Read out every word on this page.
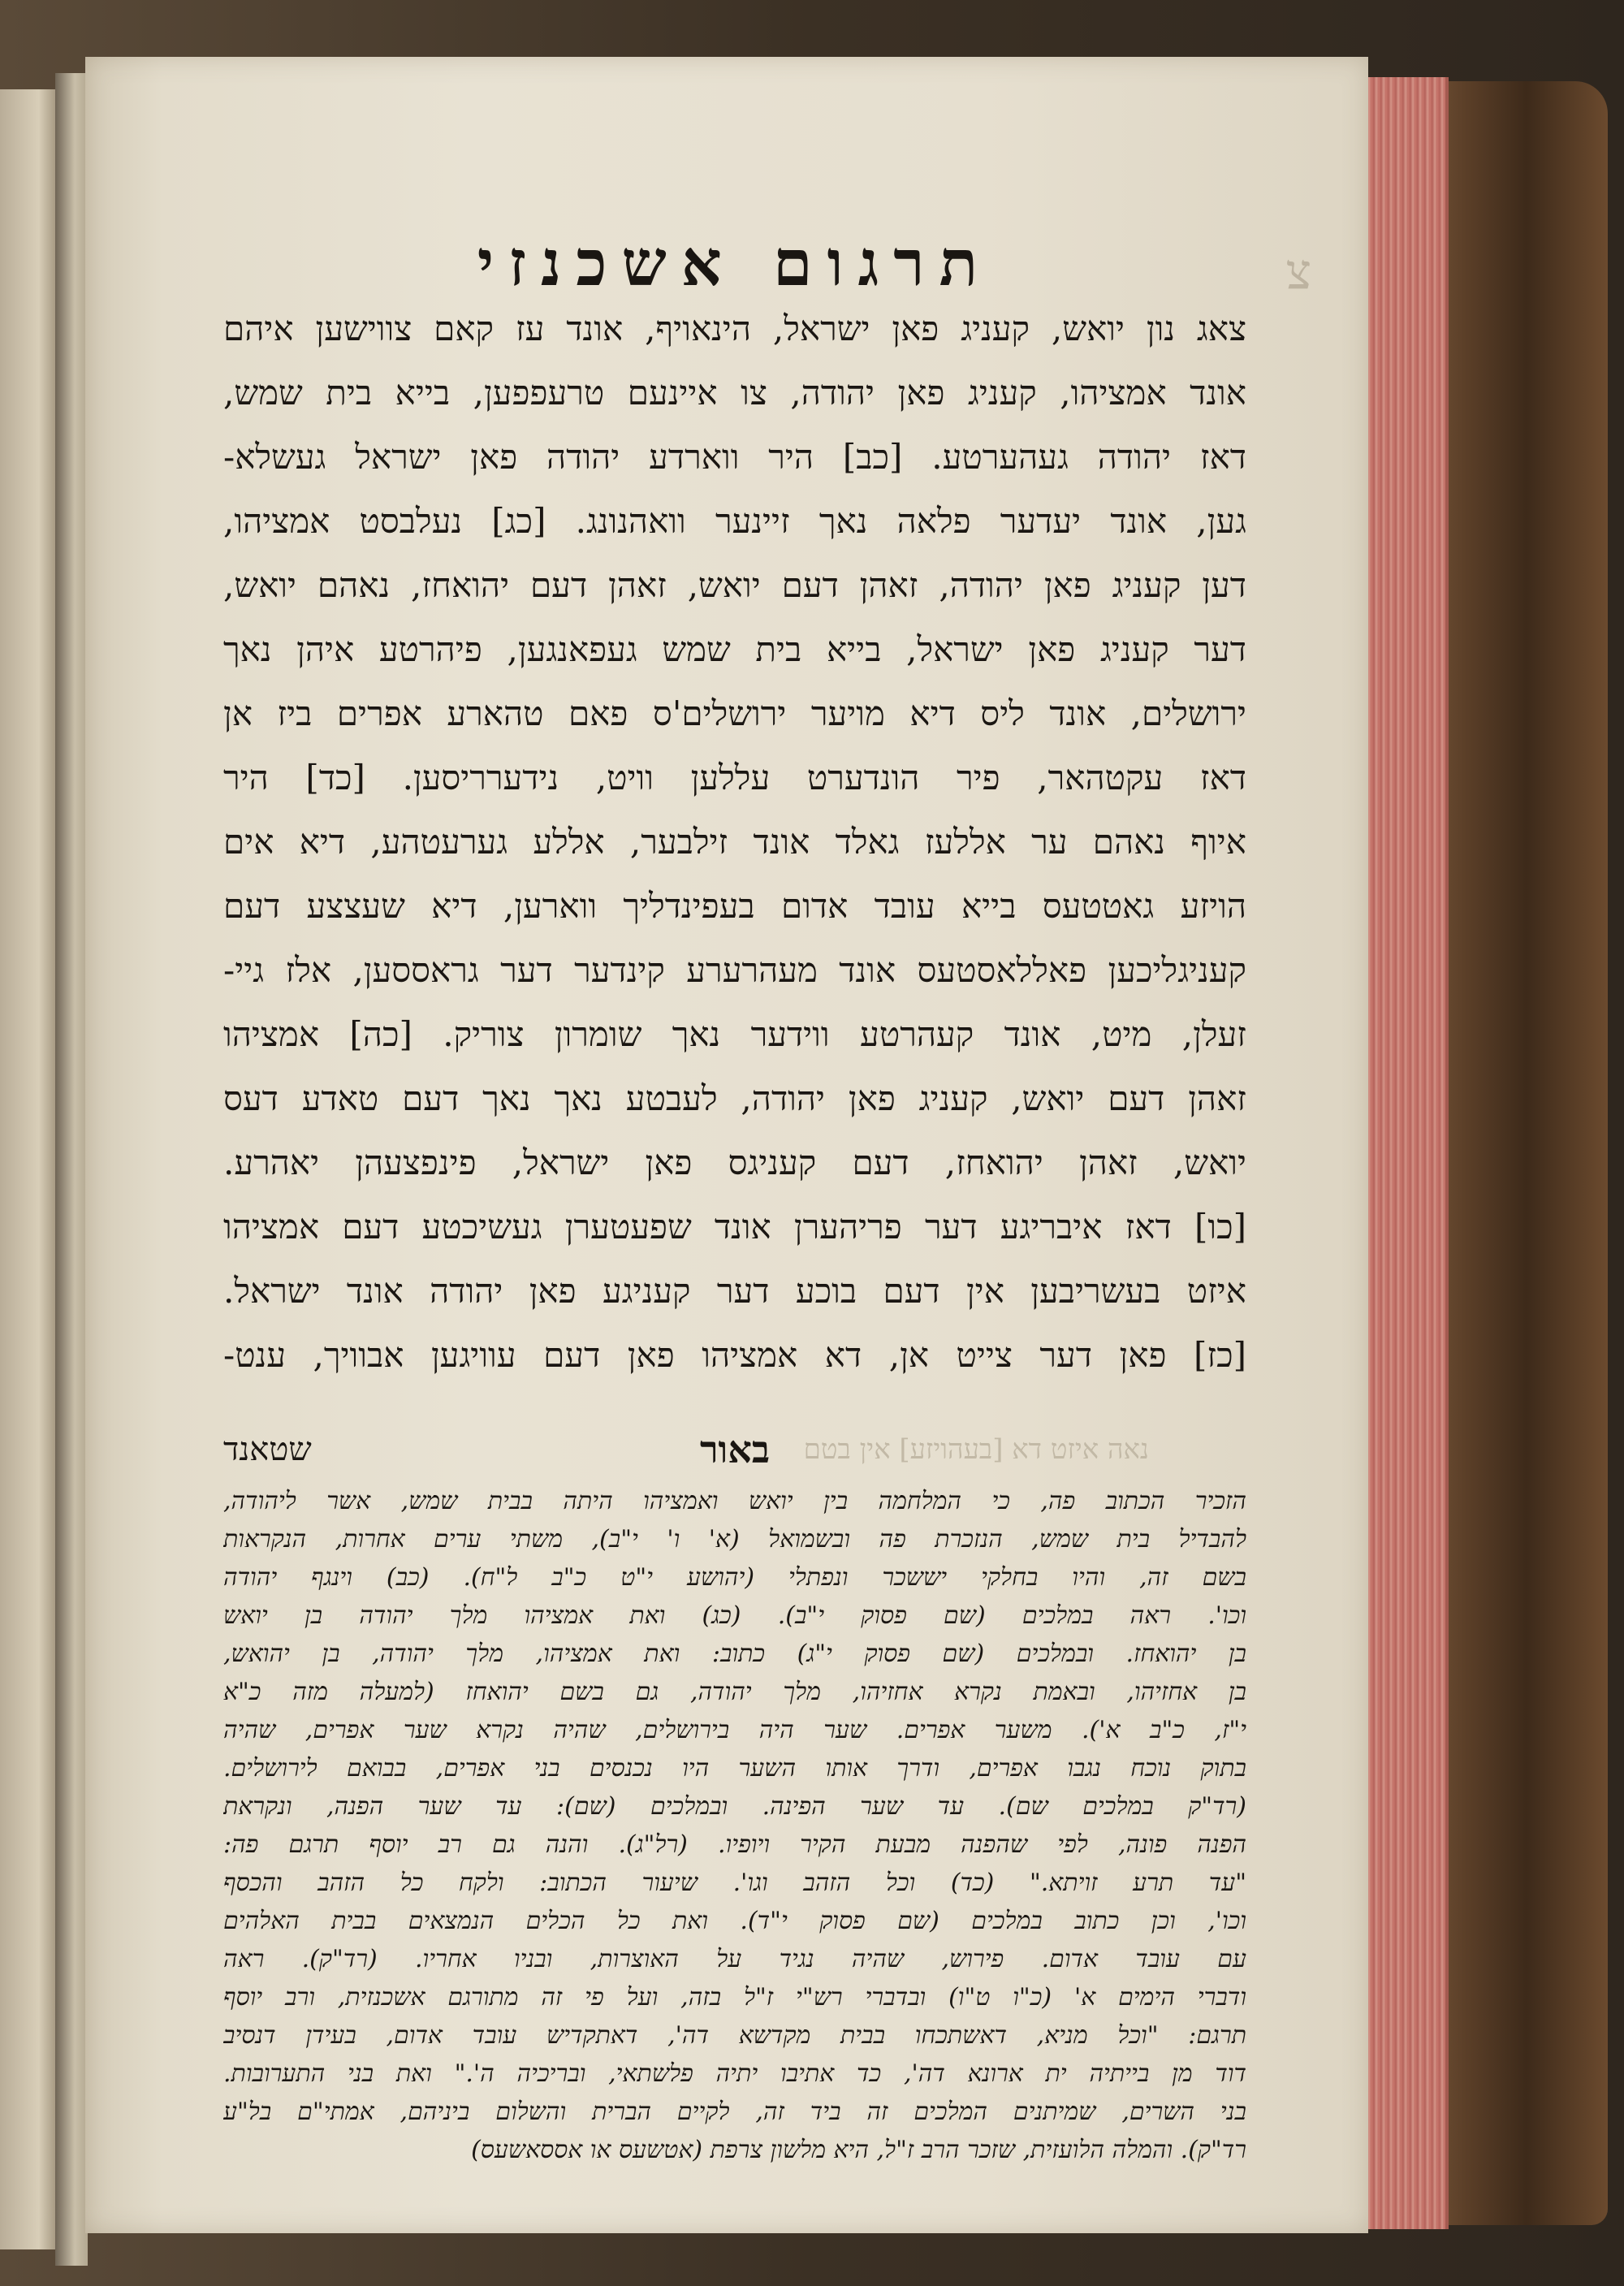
תרגום אשכנזי	צ
צאג נון יואש, קעניג פאן ישראל, הינאויף, אונד עז קאם צווישען איהם
אונד אמציהו, קעניג פאן יהודה, צו איינעם טרעפפען, בייא בית שמש,
דאז יהודה געהערטע. [כב] היר ווארדע יהודה פאן ישראל געשלא-
גען, אונד יעדער פלאה נאך זיינער וואהנונג. [כג] נעלבסט אמציהו,
דען קעניג פאן יהודה, זאהן דעם יואש, זאהן דעם יהואחז, נאהם יואש,
דער קעניג פאן ישראל, בייא בית שמש געפאנגען, פיהרטע איהן נאך
ירושלים, אונד ליס דיא מויער ירושלים'ס פאם טהארע אפרים ביז אן
דאז עקטהאר, פיר הונדערט עללען וויט, נידערריסען. [כד] היר
איוף נאהם ער אללעז גאלד אונד זילבער, אללע גערעטהע, דיא אים
הויזע גאטטעס בייא עובד אדום בעפינדליך ווארען, דיא שעצצע דעם
קעניגליכען פאללאסטעס אונד מעהרערע קינדער דער גראססען, אלז גיי-
זעלן, מיט, אונד קעהרטע ווידער נאך שומרון צוריק. [כה] אמציהו
זאהן דעם יואש, קעניג פאן יהודה, לעבטע נאך נאך דעם טאדע דעס
יואש, זאהן יהואחז, דעם קעניגס פאן ישראל, פינפצעהן יאהרע.
[כו] דאז איבריגע דער פריהערן אונד שפעטערן געשיכטע דעם אמציהו
איזט בעשריבען אין דעם בוכע דער קעניגע פאן יהודה אונד ישראל.
[כז] פאן דער צייט אן, דא אמציהו פאן דעם עוויגען אבוויך, ענט-
נאה איזט דא [בעהויזע] אין בטם
באור
שטאנד
הזכיר הכתוב פה, כי המלחמה בין יואש ואמציהו היתה בבית שמש, אשר ליהודה,
להבדיל בית שמש, הנזכרת פה ובשמואל (א' ו' י"ב), משתי ערים אחרות, הנקראות
בשם זה, והיו בחלקי יששכר ונפתלי (יהושע י"ט כ"ב ל"ח). (כב) וינגף יהודה
וכו'. ראה במלכים (שם פסוק י"ב). (כג) ואת אמציהו מלך יהודה בן יואש
בן יהואחז. ובמלכים (שם פסוק י"ג) כתוב: ואת אמציהו, מלך יהודה, בן יהואש,
בן אחזיהו, ובאמת נקרא אחזיהו, מלך יהודה, גם בשם יהואחז (למעלה מזה כ"א
י"ז, כ"ב א'). משער אפרים. שער היה בירושלים, שהיה נקרא שער אפרים, שהיה
בתוק נוכח נגבו אפרים, ודרך אותו השער היו נכנסים בני אפרים, בבואם לירושלים.
(רד"ק במלכים שם). עד שער הפינה. ובמלכים (שם): עד שער הפנה, ונקראת
הפנה פונה, לפי שהפנה מבעת הקיר ויופיו. (רל"ג). והנה גם רב יוסף תרגם פה:
"עד תרע זויתא." (כד) וכל הזהב וגו'. שיעור הכתוב: ולקח כל הזהב והכסף
וכו', וכן כתוב במלכים (שם פסוק י"ד). ואת כל הכלים הנמצאים בבית האלהים
עם עובד אדום. פירוש, שהיה נגיד על האוצרות, ובניו אחריו. (רד"ק). ראה
ודברי הימים א' (כ"ו ט"ו) ובדברי רש"י ז"ל בזה, ועל פי זה מתורגם אשכנזית, ורב יוסף
תרגם: "וכל מניא, דאשתכחו בבית מקדשא דה', דאתקדיש עובד אדום, בעידן דנסיב
דוד מן בייתיה ית ארונא דה', כד אתיבו יתיה פלשתאי, ובריכיה ה'." ואת בני התערובות.
בני השרים, שמיתנים המלכים זה ביד זה, לקיים הברית והשלום ביניהם, אמתי"ם בל"ע
רד"ק). והמלה הלועזית, שזכר הרב ז"ל, היא מלשון צרפת (אטשעס או אססאשעס)
